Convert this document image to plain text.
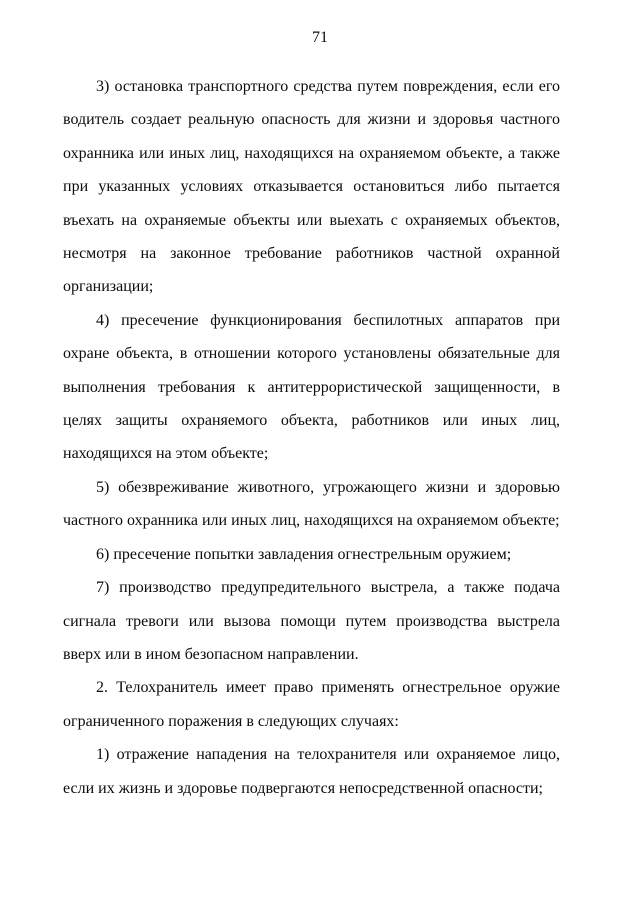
71

3) остановка транспортного средства путем повреждения, если его водитель создает реальную опасность для жизни и здоровья частного охранника или иных лиц, находящихся на охраняемом объекте, а также при указанных условиях отказывается остановиться либо пытается въехать на охраняемые объекты или выехать с охраняемых объектов, несмотря на законное требование работников частной охранной организации;

4) пресечение функционирования беспилотных аппаратов при охране объекта, в отношении которого установлены обязательные для выполнения требования к антитеррористической защищенности, в целях защиты охраняемого объекта, работников или иных лиц, находящихся на этом объекте;

5) обезвреживание животного, угрожающего жизни и здоровью частного охранника или иных лиц, находящихся на охраняемом объекте;

6) пресечение попытки завладения огнестрельным оружием;

7) производство предупредительного выстрела, а также подача сигнала тревоги или вызова помощи путем производства выстрела вверх или в ином безопасном направлении.

2. Телохранитель имеет право применять огнестрельное оружие ограниченного поражения в следующих случаях:

1) отражение нападения на телохранителя или охраняемое лицо, если их жизнь и здоровье подвергаются непосредственной опасности;
